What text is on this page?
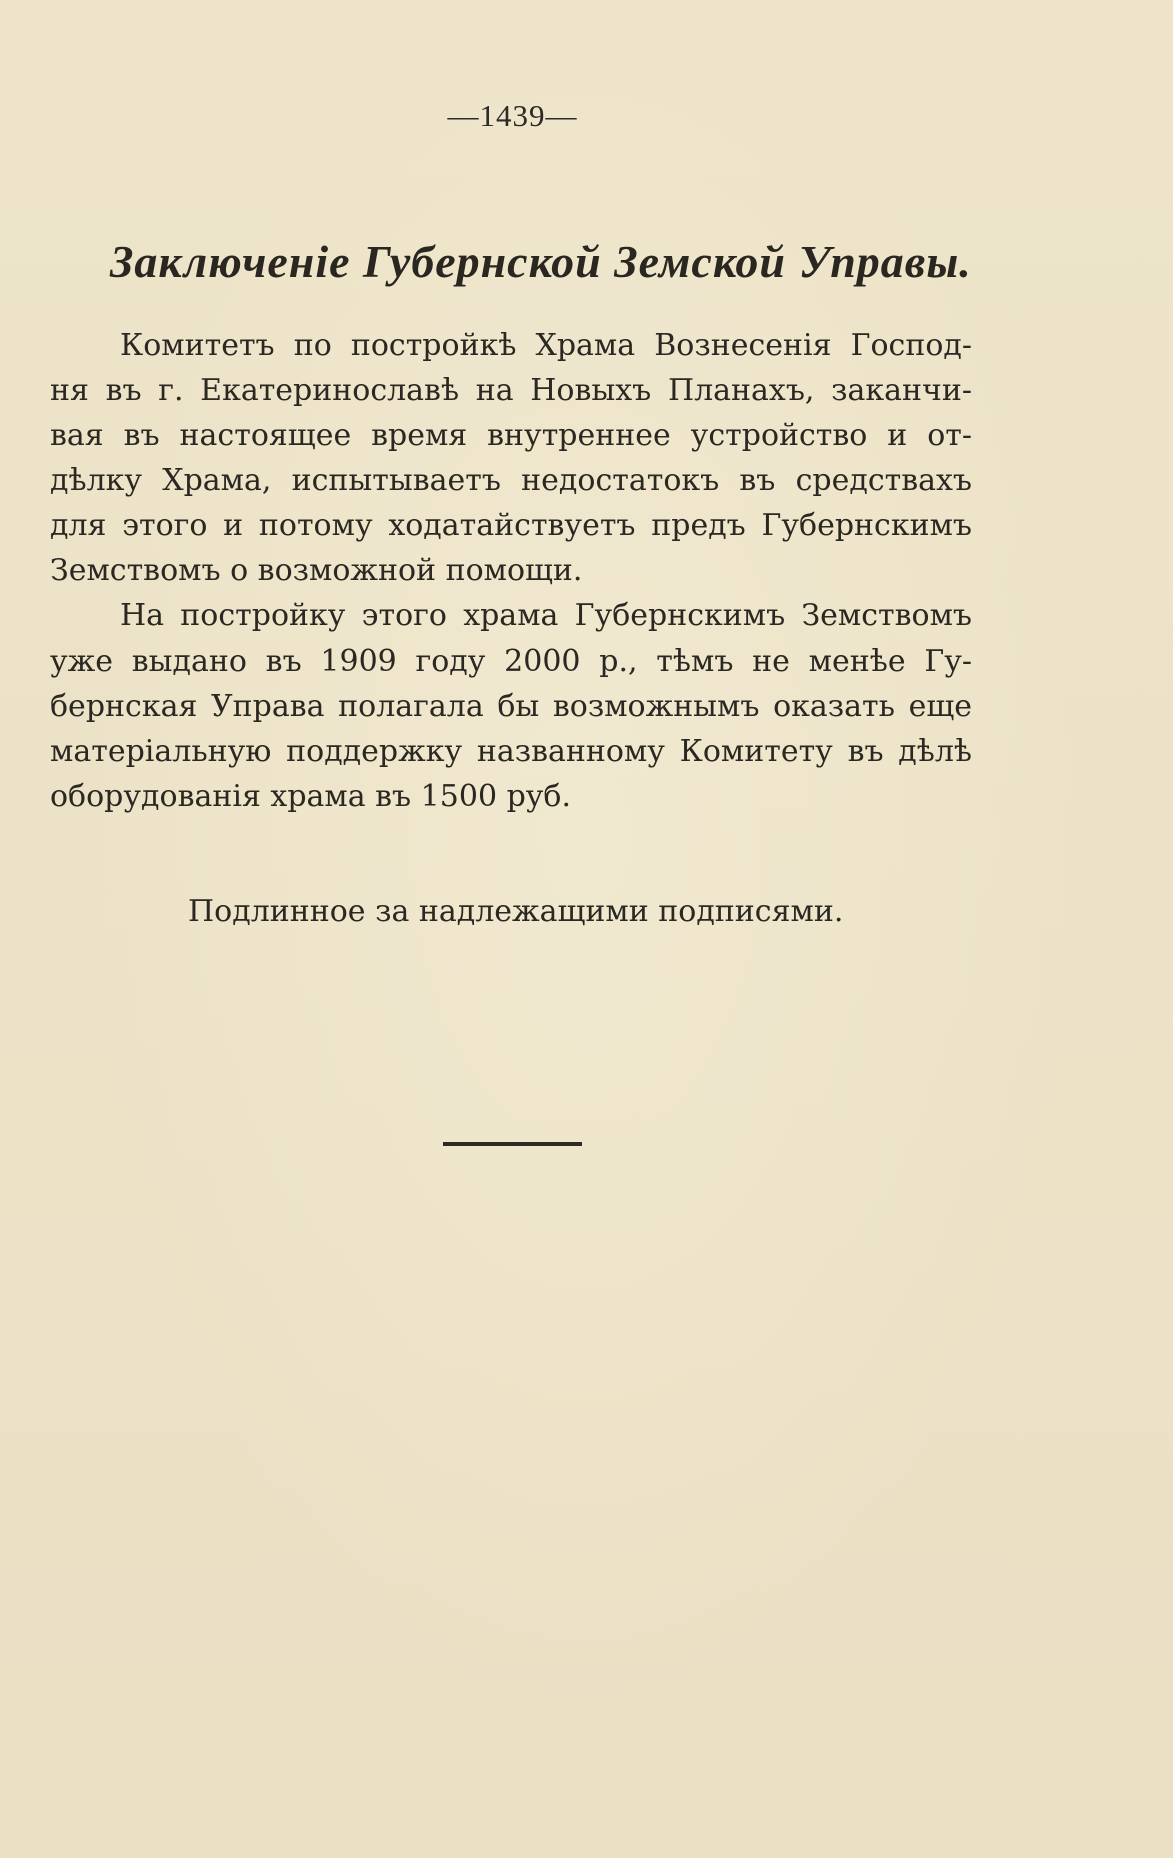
—1439—
Заключеніе Губернской Земской Управы.
Комитетъ по постройкѣ Храма Вознесенія Господ-
ня въ г. Екатеринославѣ на Новыхъ Планахъ, заканчи-
вая въ настоящее время внутреннее устройство и от-
дѣлку Храма, испытываетъ недостатокъ въ средствахъ
для этого и потому ходатайствуетъ предъ Губернскимъ
Земствомъ о возможной помощи.
На постройку этого храма Губернскимъ Земствомъ
уже выдано въ 1909 году 2000 р., тѣмъ не менѣе Гу-
бернская Управа полагала бы возможнымъ оказать еще
матеріальную поддержку названному Комитету въ дѣлѣ
оборудованія храма въ 1500 руб.
Подлинное за надлежащими подписями.
